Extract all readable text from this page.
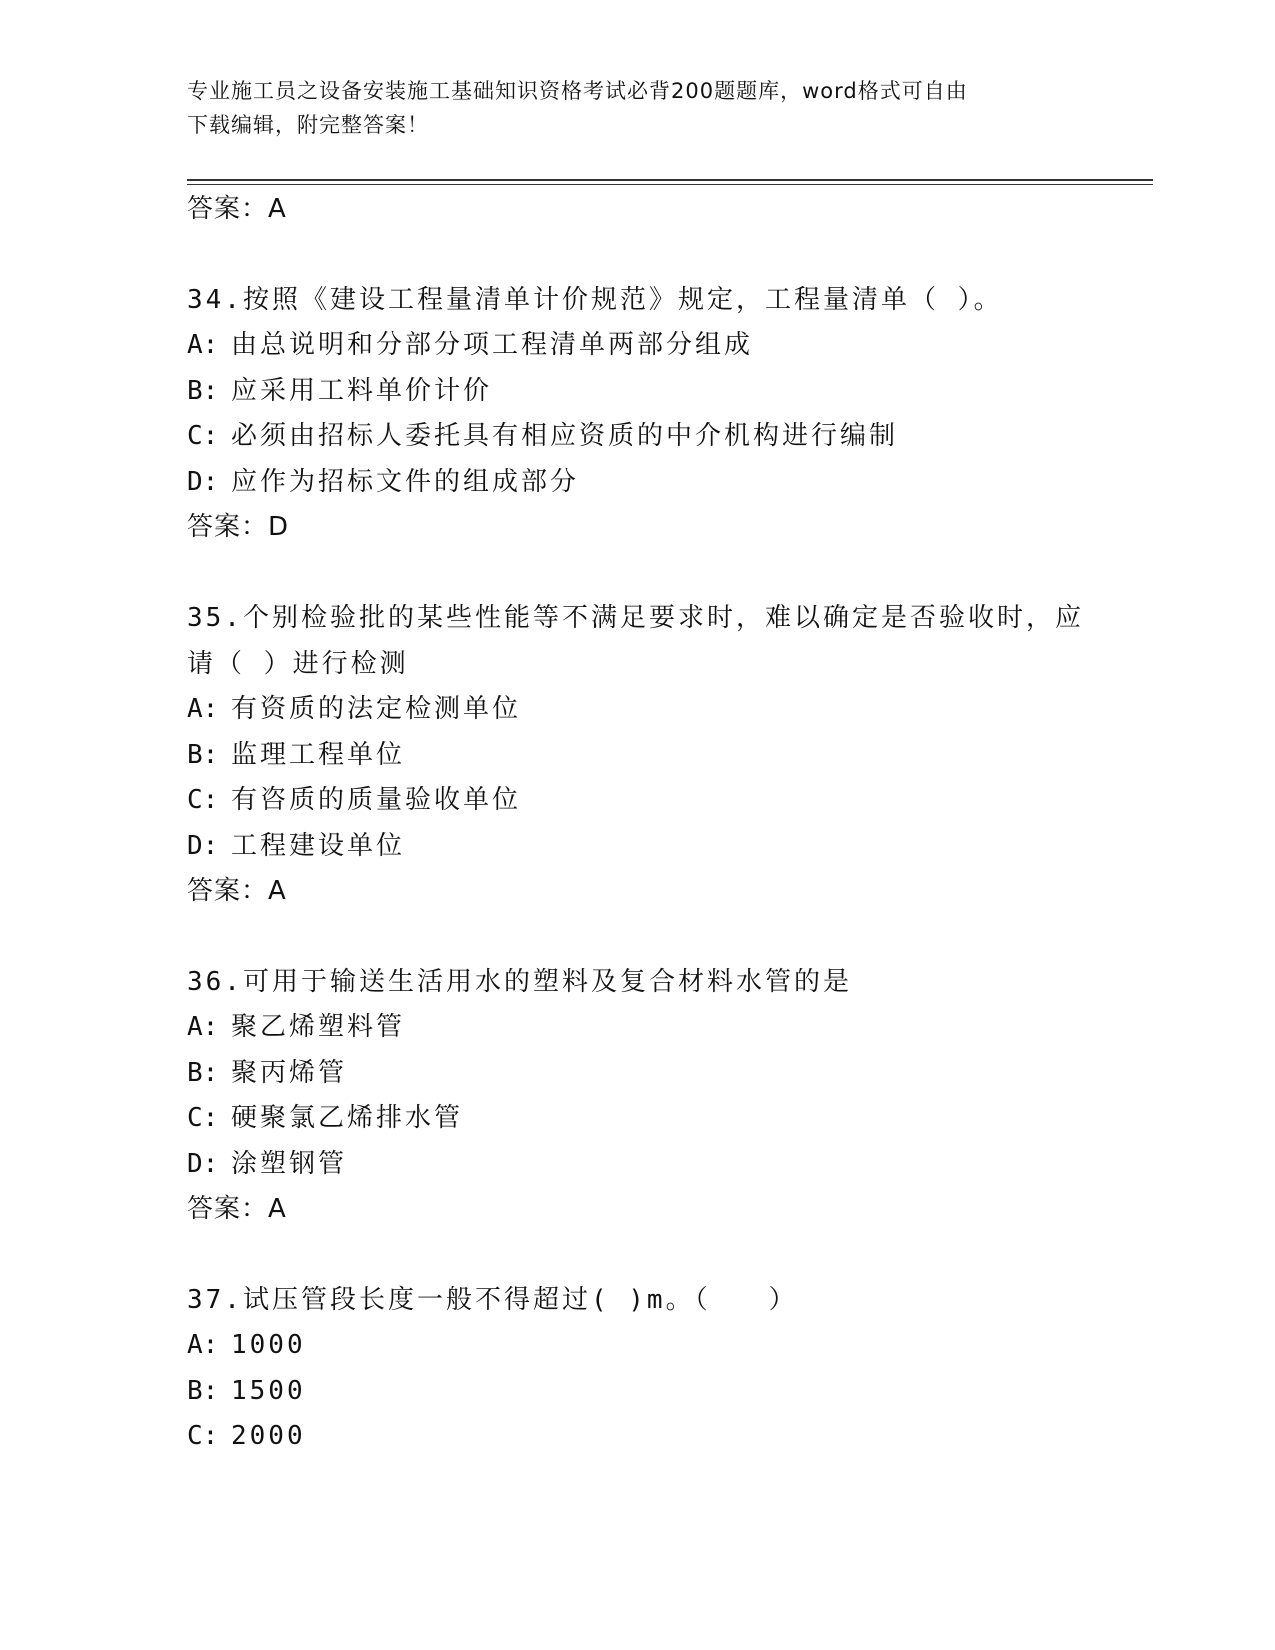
专业施工员之设备安装施工基础知识资格考试必背200题题库，word格式可自由
下载编辑，附完整答案！
答案：A
34.按照《建设工程量清单计价规范》规定，工程量清单（ ）。
A: 由总说明和分部分项工程清单两部分组成
B: 应采用工料单价计价
C: 必须由招标人委托具有相应资质的中介机构进行编制
D: 应作为招标文件的组成部分
答案：D
35.个别检验批的某些性能等不满足要求时，难以确定是否验收时，应请（ ）进行检测
A: 有资质的法定检测单位
B: 监理工程单位
C: 有咨质的质量验收单位
D: 工程建设单位
答案：A
36.可用于输送生活用水的塑料及复合材料水管的是
A: 聚乙烯塑料管
B: 聚丙烯管
C: 硬聚氯乙烯排水管
D: 涂塑钢管
答案：A
37.试压管段长度一般不得超过( )m。（　　）
A: 1000
B: 1500
C: 2000
